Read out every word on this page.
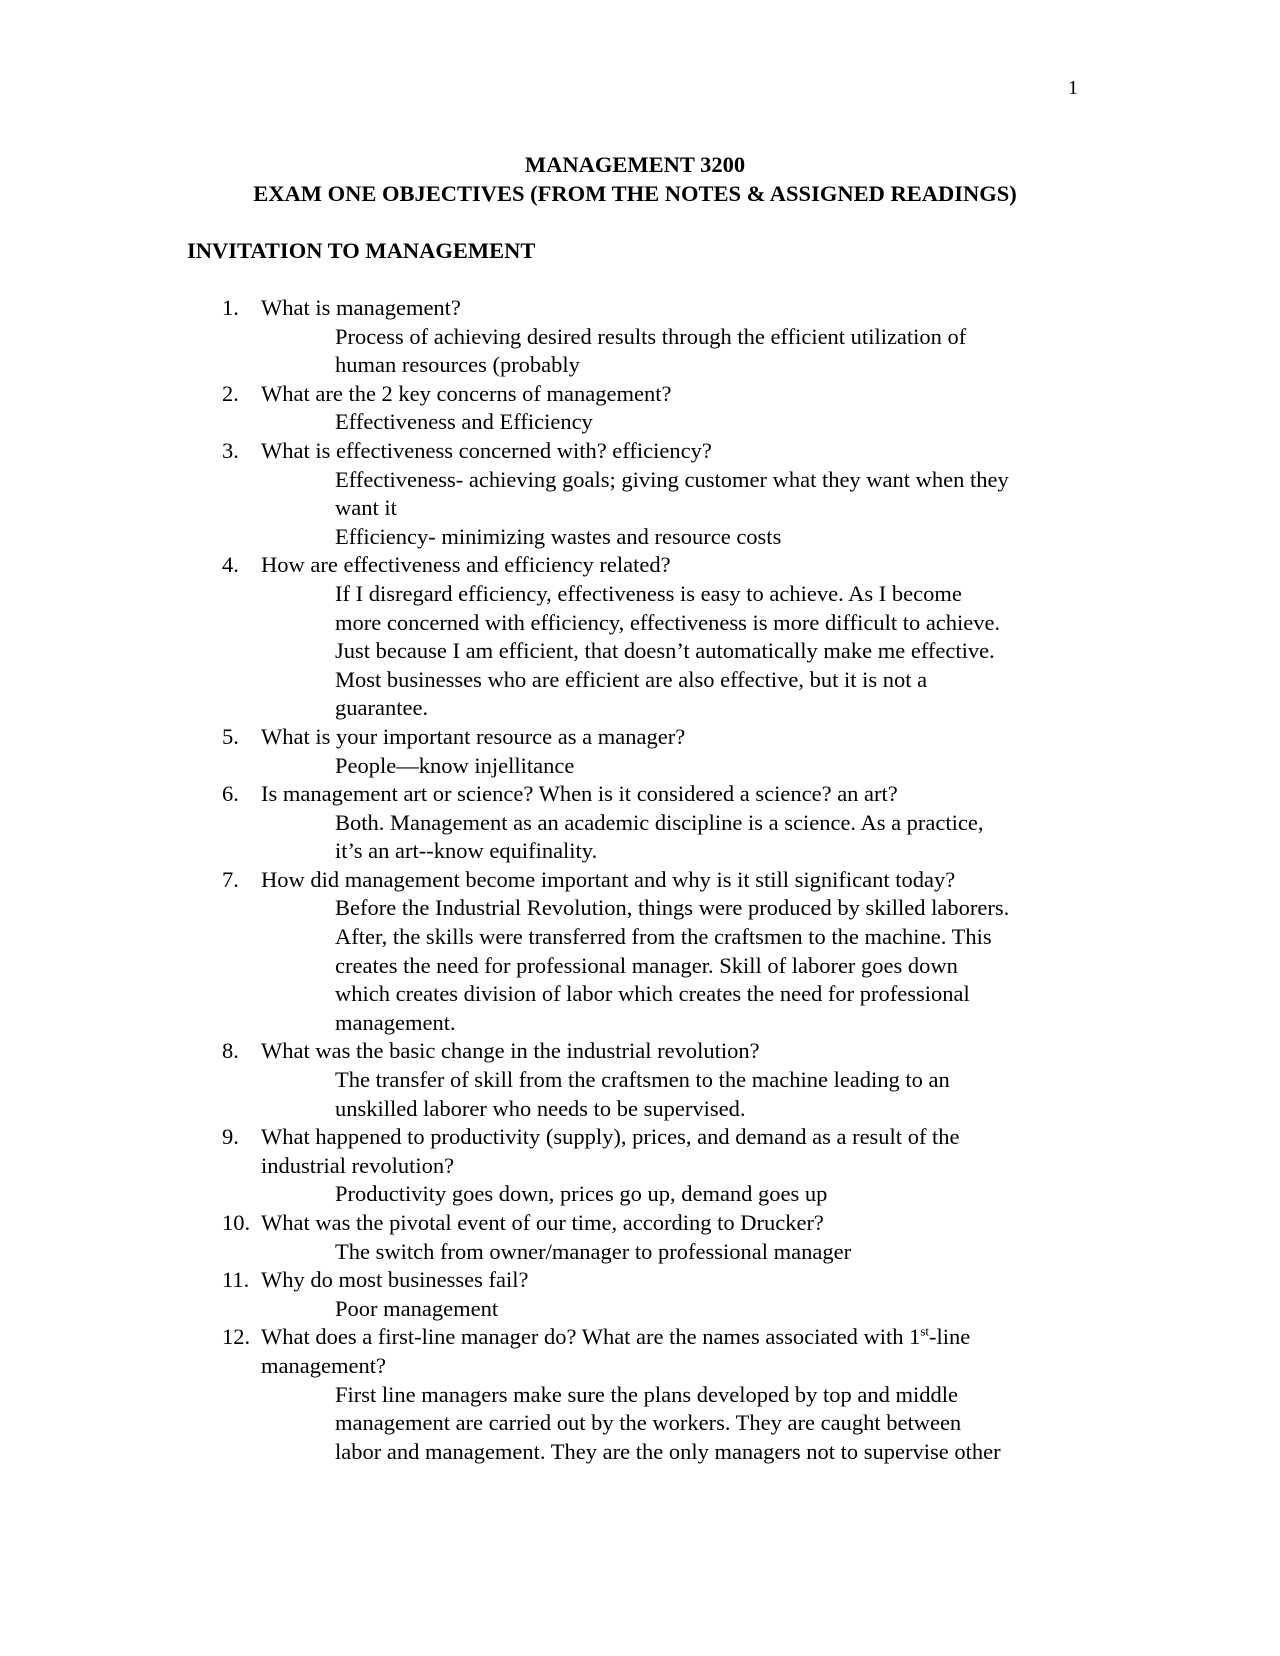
1
MANAGEMENT 3200
EXAM ONE OBJECTIVES (FROM THE NOTES & ASSIGNED READINGS)
INVITATION TO MANAGEMENT
1. What is management?
Process of achieving desired results through the efficient utilization of
human resources (probably
2. What are the 2 key concerns of management?
Effectiveness and Efficiency
3. What is effectiveness concerned with? efficiency?
Effectiveness- achieving goals; giving customer what they want when they
want it
Efficiency- minimizing wastes and resource costs
4. How are effectiveness and efficiency related?
If I disregard efficiency, effectiveness is easy to achieve. As I become
more concerned with efficiency, effectiveness is more difficult to achieve.
Just because I am efficient, that doesn’t automatically make me effective.
Most businesses who are efficient are also effective, but it is not a
guarantee.
5. What is your important resource as a manager?
People—know injellitance
6. Is management art or science? When is it considered a science? an art?
Both. Management as an academic discipline is a science. As a practice,
it’s an art--know equifinality.
7. How did management become important and why is it still significant today?
Before the Industrial Revolution, things were produced by skilled laborers.
After, the skills were transferred from the craftsmen to the machine. This
creates the need for professional manager. Skill of laborer goes down
which creates division of labor which creates the need for professional
management.
8. What was the basic change in the industrial revolution?
The transfer of skill from the craftsmen to the machine leading to an
unskilled laborer who needs to be supervised.
9. What happened to productivity (supply), prices, and demand as a result of the
industrial revolution?
Productivity goes down, prices go up, demand goes up
10. What was the pivotal event of our time, according to Drucker?
The switch from owner/manager to professional manager
11. Why do most businesses fail?
Poor management
12. What does a first-line manager do? What are the names associated with 1st-line
management?
First line managers make sure the plans developed by top and middle
management are carried out by the workers. They are caught between
labor and management. They are the only managers not to supervise other
